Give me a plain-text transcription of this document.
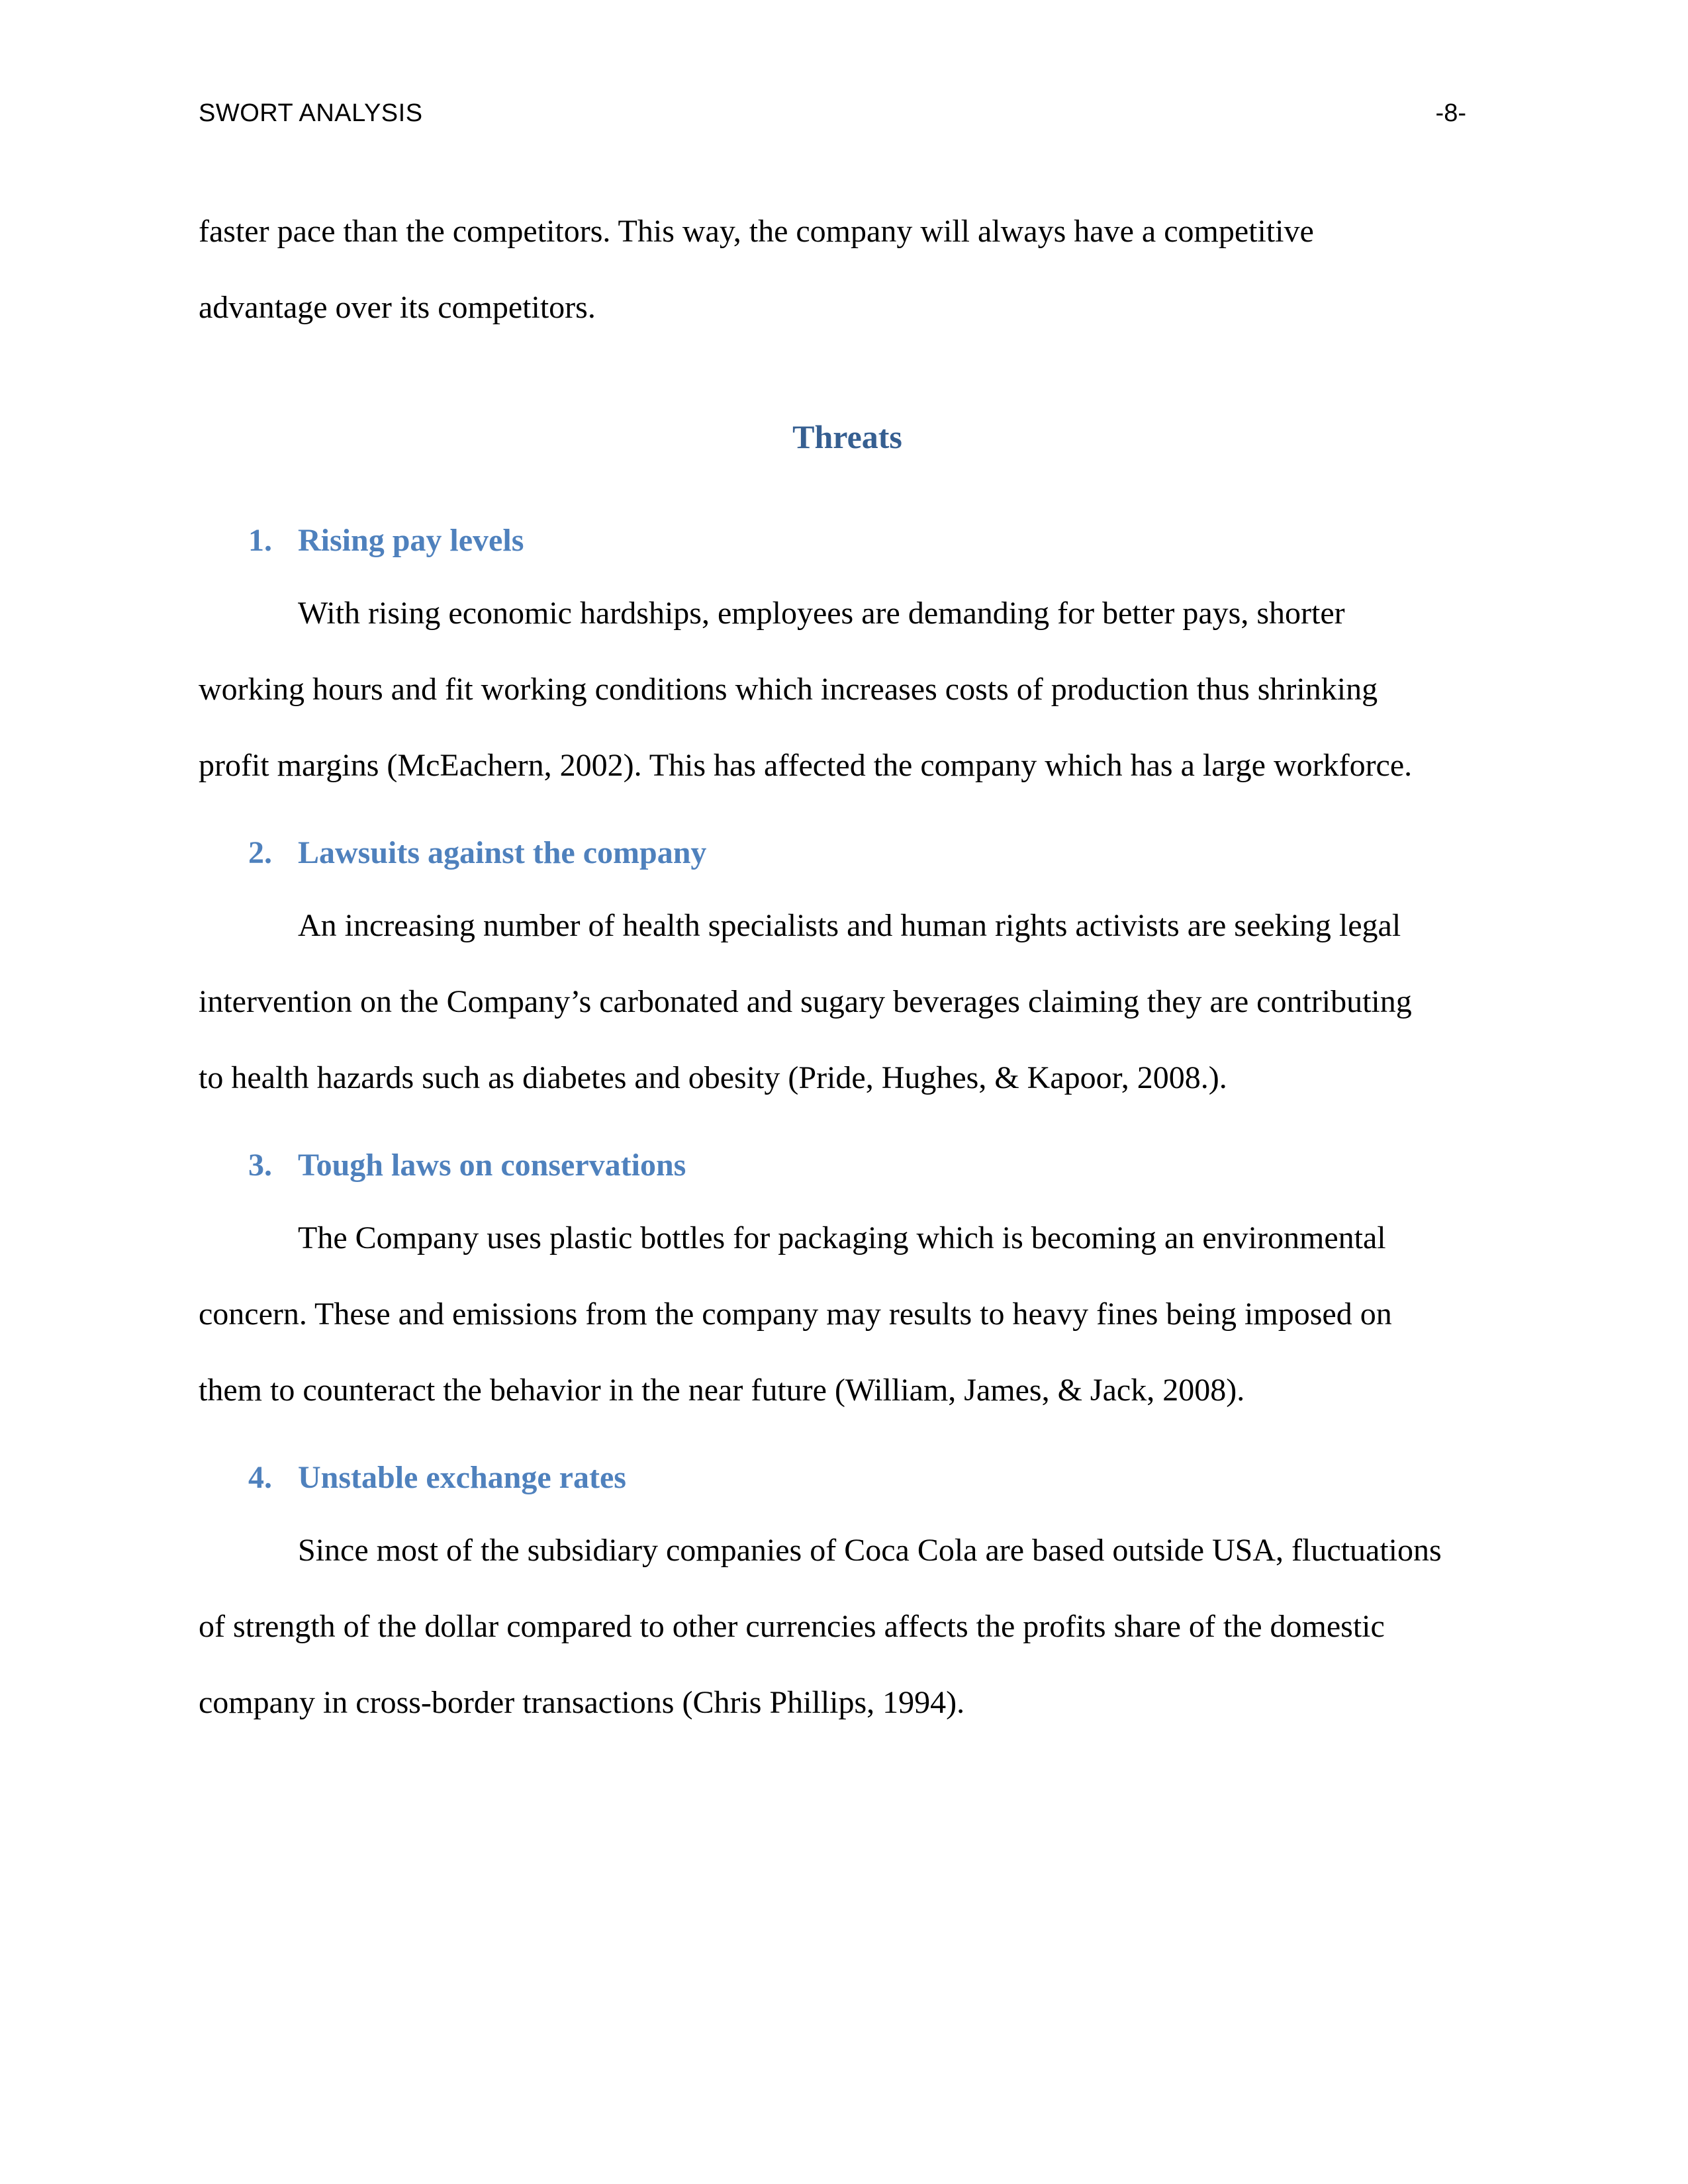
SWORT ANALYSIS	-8-
faster pace than the competitors. This way, the company will always have a competitive
advantage over its competitors.
Threats
1. Rising pay levels
With rising economic hardships, employees are demanding for better pays, shorter
working hours and fit working conditions which increases costs of production thus shrinking
profit margins (McEachern, 2002). This has affected the company which has a large workforce.
2. Lawsuits against the company
An increasing number of health specialists and human rights activists are seeking legal
intervention on the Company’s carbonated and sugary beverages claiming they are contributing
to health hazards such as diabetes and obesity (Pride, Hughes, & Kapoor, 2008.).
3. Tough laws on conservations
The Company uses plastic bottles for packaging which is becoming an environmental
concern. These and emissions from the company may results to heavy fines being imposed on
them to counteract the behavior in the near future (William, James, & Jack, 2008).
4. Unstable exchange rates
Since most of the subsidiary companies of Coca Cola are based outside USA, fluctuations
of strength of the dollar compared to other currencies affects the profits share of the domestic
company in cross-border transactions (Chris Phillips, 1994).
